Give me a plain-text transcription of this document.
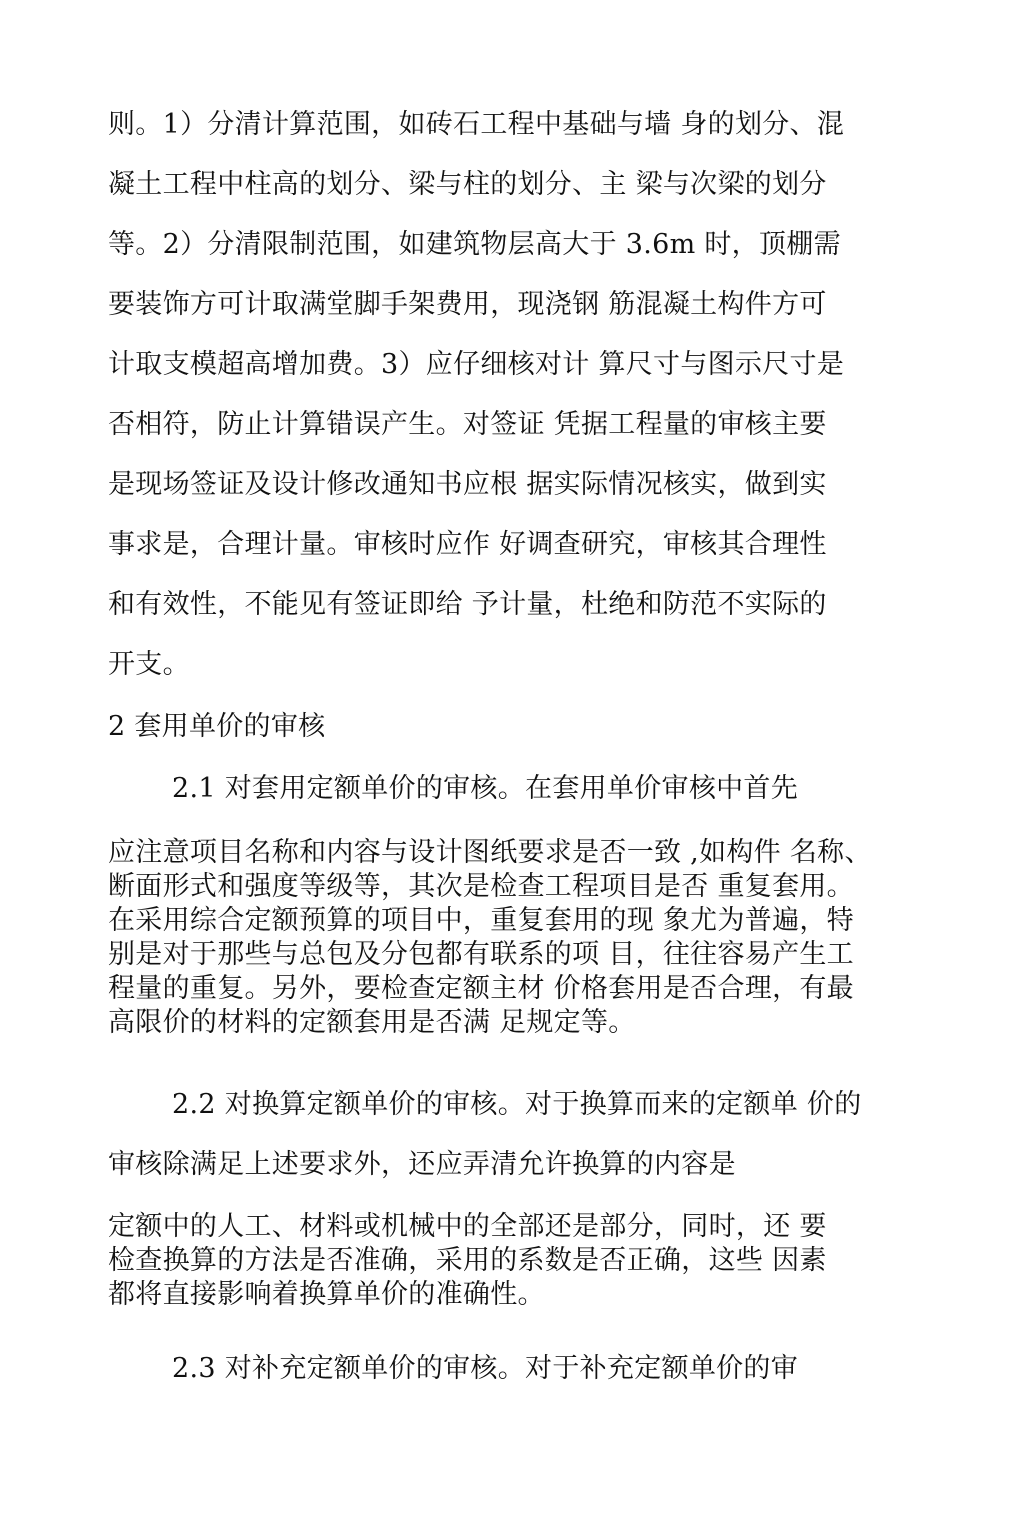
则。1）分清计算范围，如砖石工程中基础与墙 身的划分、混
凝土工程中柱高的划分、梁与柱的划分、主 梁与次梁的划分
等。2）分清限制范围，如建筑物层高大于 3.6m 时，顶棚需
要装饰方可计取满堂脚手架费用，现浇钢 筋混凝土构件方可
计取支模超高增加费。3）应仔细核对计 算尺寸与图示尺寸是
否相符，防止计算错误产生。对签证 凭据工程量的审核主要
是现场签证及设计修改通知书应根 据实际情况核实，做到实
事求是，合理计量。审核时应作 好调查研究，审核其合理性
和有效性，不能见有签证即给 予计量，杜绝和防范不实际的
开支。
2 套用单价的审核
2.1 对套用定额单价的审核。在套用单价审核中首先
应注意项目名称和内容与设计图纸要求是否一致 ,如构件 名称、
断面形式和强度等级等，其次是检查工程项目是否 重复套用。
在采用综合定额预算的项目中，重复套用的现 象尤为普遍，特
别是对于那些与总包及分包都有联系的项 目，往往容易产生工
程量的重复。另外，要检查定额主材 价格套用是否合理，有最
高限价的材料的定额套用是否满 足规定等。
2.2 对换算定额单价的审核。对于换算而来的定额单 价的
审核除满足上述要求外，还应弄清允许换算的内容是
定额中的人工、材料或机械中的全部还是部分，同时，还 要
检查换算的方法是否准确，采用的系数是否正确，这些 因素
都将直接影响着换算单价的准确性。
2.3 对补充定额单价的审核。对于补充定额单价的审
